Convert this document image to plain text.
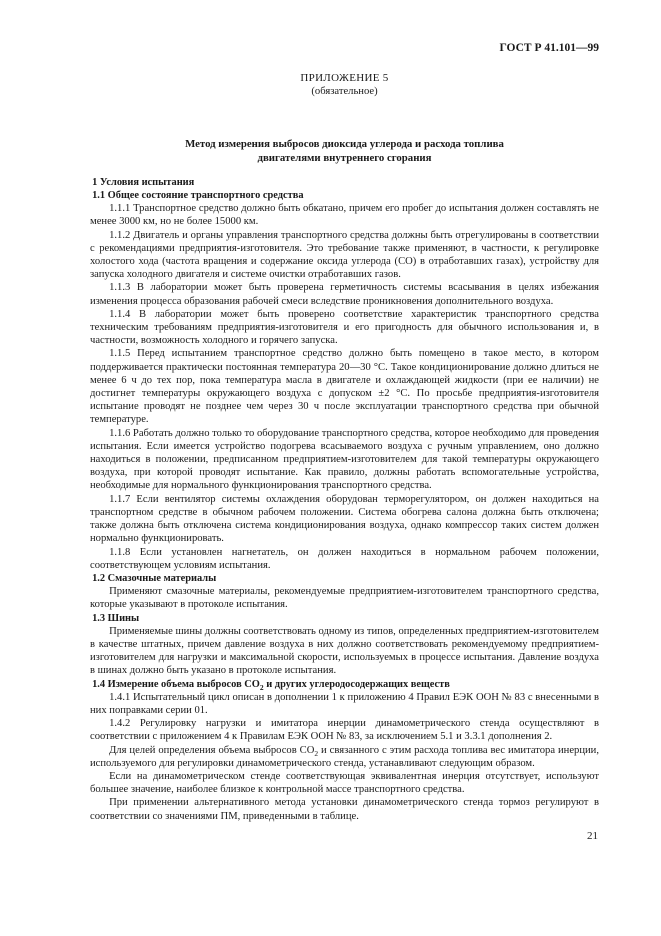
ГОСТ Р 41.101—99
ПРИЛОЖЕНИЕ 5
(обязательное)
Метод измерения выбросов диоксида углерода и расхода топлива
двигателями внутреннего сгорания
1 Условия испытания
1.1 Общее состояние транспортного средства

1.1.1 Транспортное средство должно быть обкатано, причем его пробег до испытания должен составлять не менее 3000 км, но не более 15000 км.

1.1.2 Двигатель и органы управления транспортного средства должны быть отрегулированы в соответствии с рекомендациями предприятия-изготовителя. Это требование также применяют, в частности, к регулировке холостого хода (частота вращения и содержание оксида углерода (СО) в отработавших газах), устройству для запуска холодного двигателя и системе очистки отработавших газов.

1.1.3 В лаборатории может быть проверена герметичность системы всасывания в целях избежания изменения процесса образования рабочей смеси вследствие проникновения дополнительного воздуха.

1.1.4 В лаборатории может быть проверено соответствие характеристик транспортного средства техническим требованиям предприятия-изготовителя и его пригодность для обычного использования и, в частности, возможность холодного и горячего запуска.

1.1.5 Перед испытанием транспортное средство должно быть помещено в такое место, в котором поддерживается практически постоянная температура 20—30 °С. Такое кондиционирование должно длиться не менее 6 ч до тех пор, пока температура масла в двигателе и охлаждающей жидкости (при ее наличии) не достигнет температуры окружающего воздуха с допуском ±2 °С. По просьбе предприятия-изготовителя испытание проводят не позднее чем через 30 ч после эксплуатации транспортного средства при обычной температуре.

1.1.6 Работать должно только то оборудование транспортного средства, которое необходимо для проведения испытания. Если имеется устройство подогрева всасываемого воздуха с ручным управлением, оно должно находиться в положении, предписанном предприятием-изготовителем для такой температуры окружающего воздуха, при которой проводят испытание. Как правило, должны работать вспомогательные устройства, необходимые для нормального функционирования транспортного средства.

1.1.7 Если вентилятор системы охлаждения оборудован терморегулятором, он должен находиться на транспортном средстве в обычном рабочем положении. Система обогрева салона должна быть отключена; также должна быть отключена система кондиционирования воздуха, однако компрессор таких систем должен нормально функционировать.

1.1.8 Если установлен нагнетатель, он должен находиться в нормальном рабочем положении, соответствующем условиям испытания.

1.2 Смазочные материалы

Применяют смазочные материалы, рекомендуемые предприятием-изготовителем транспортного средства, которые указывают в протоколе испытания.

1.3 Шины

Применяемые шины должны соответствовать одному из типов, определенных предприятием-изготовителем в качестве штатных, причем давление воздуха в них должно соответствовать рекомендуемому предприятием-изготовителем для нагрузки и максимальной скорости, используемых в процессе испытания. Давление воздуха в шинах должно быть указано в протоколе испытания.

1.4 Измерение объема выбросов $CO_2$ и других углеродосодержащих веществ

1.4.1 Испытательный цикл описан в дополнении 1 к приложению 4 Правил ЕЭК ООН № 83 с внесенными в них поправками серии 01.

1.4.2 Регулировку нагрузки и имитатора инерции динамометрического стенда осуществляют в соответствии с приложением 4 к Правилам ЕЭК ООН № 83, за исключением 5.1 и 3.3.1 дополнения 2.

Для целей определения объема выбросов $CO_2$ и связанного с этим расхода топлива вес имитатора инерции, используемого для регулировки динамометрического стенда, устанавливают следующим образом.

Если на динамометрическом стенде соответствующая эквивалентная инерция отсутствует, используют большее значение, наиболее близкое к контрольной массе транспортного средства.

При применении альтернативного метода установки динамометрического стенда тормоз регулируют в соответствии со значениями ПМ, приведенными в таблице.

21
